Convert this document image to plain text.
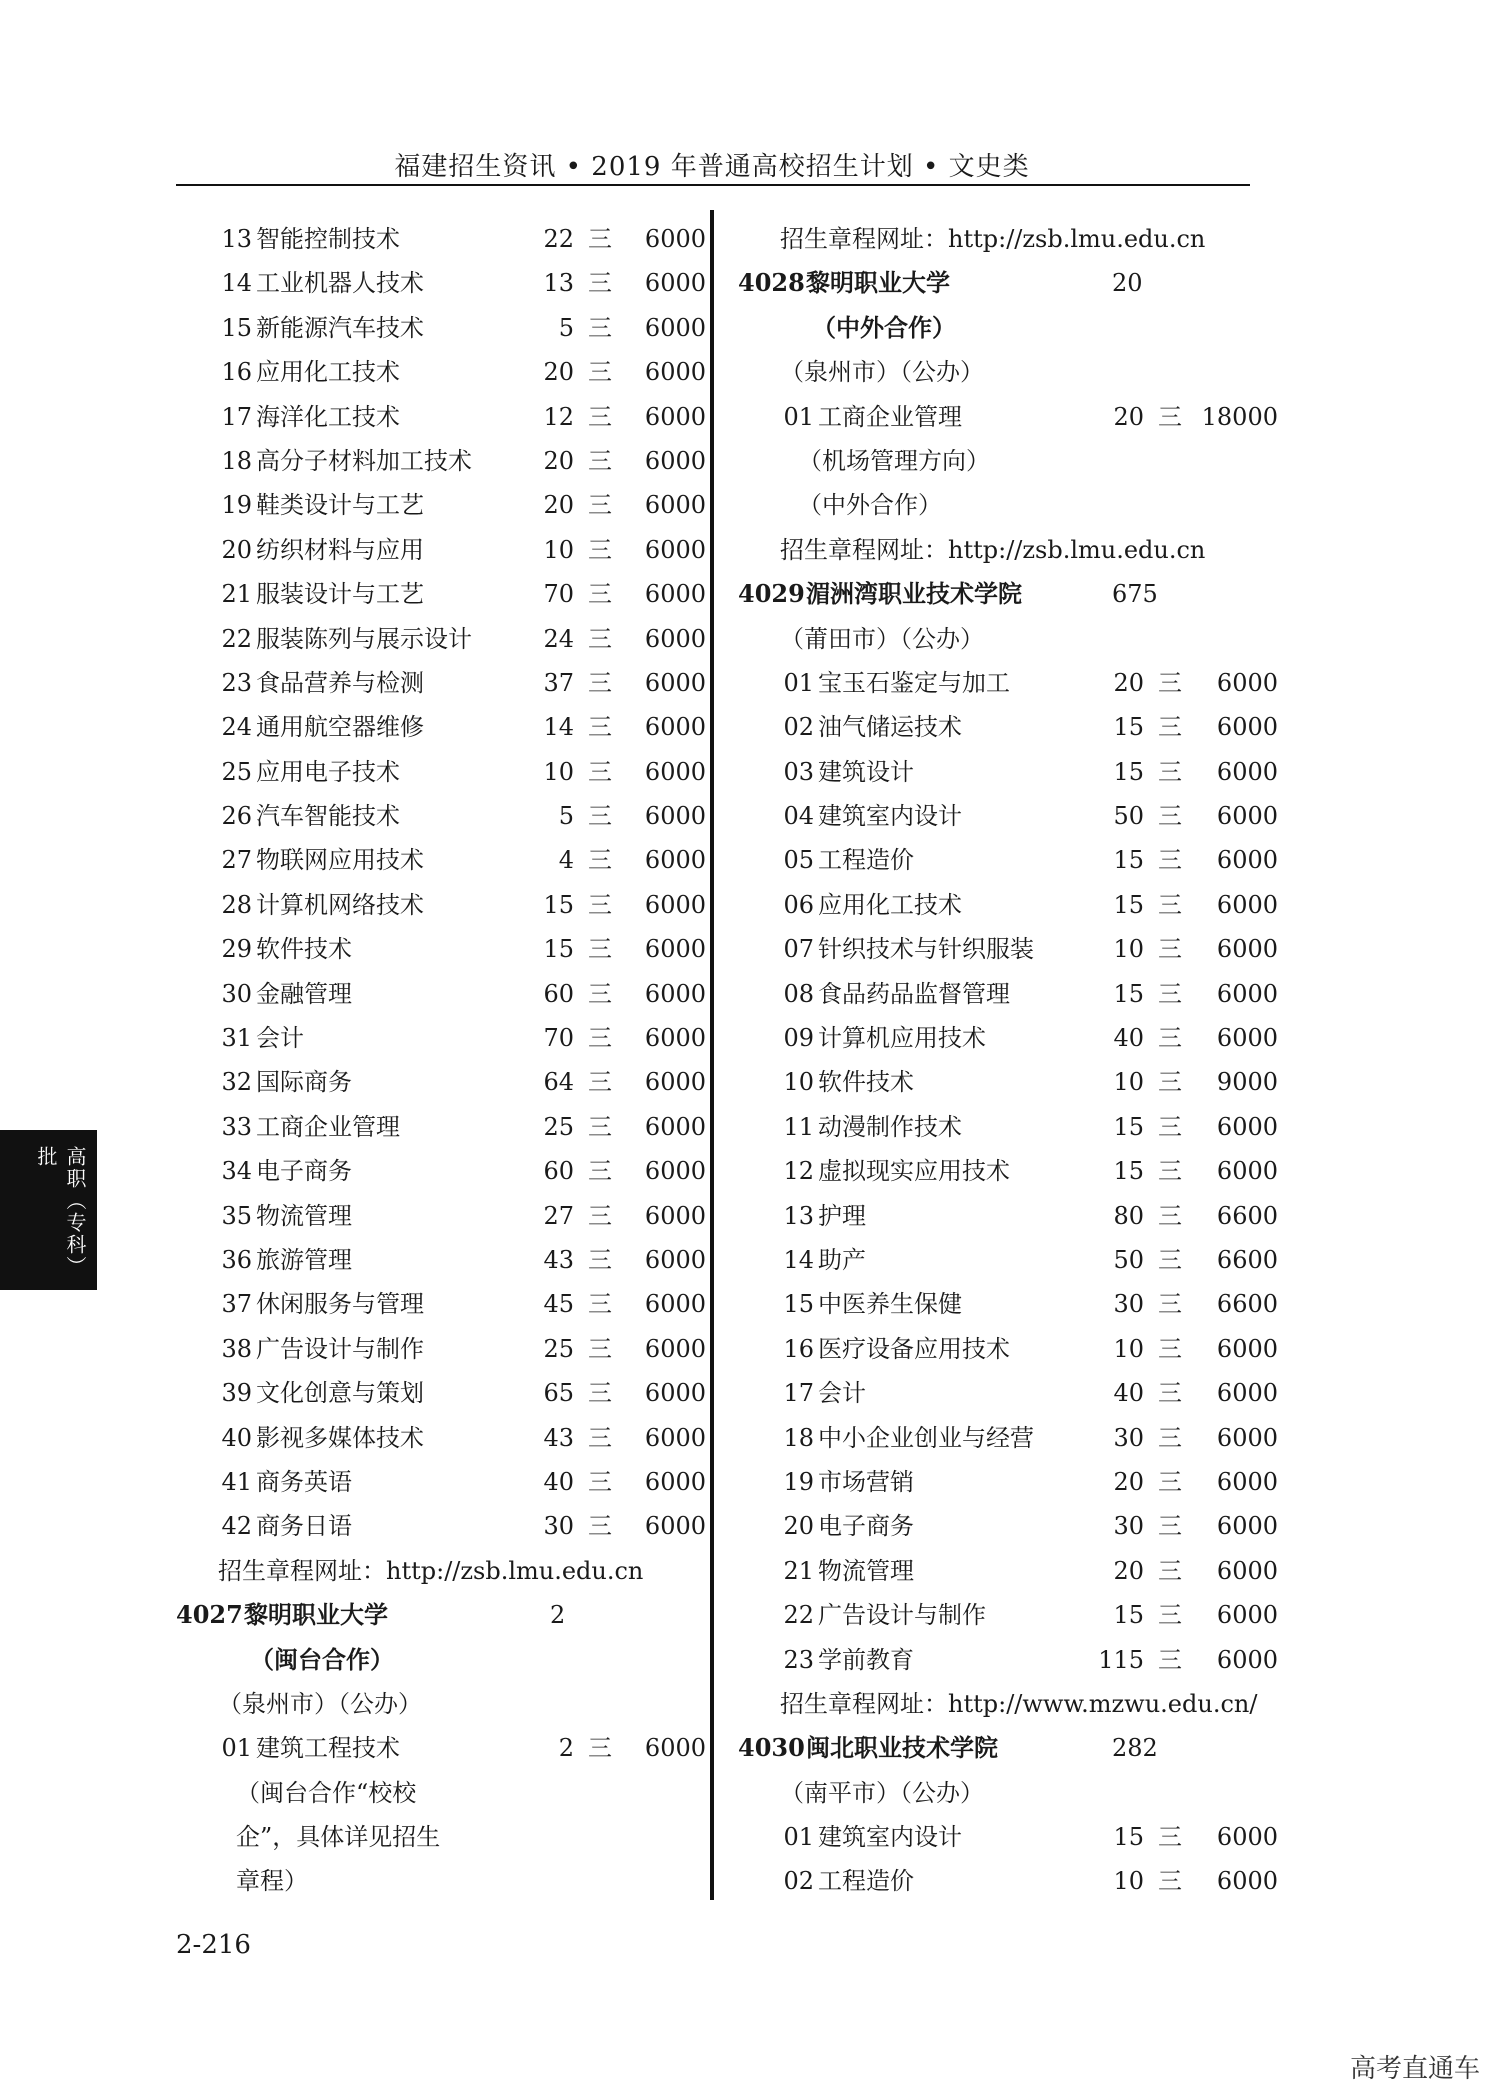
福建招生资讯 • 2019 年普通高校招生计划 • 文史类
高职（专科）批
13 智能控制技术	22 三	6000
14 工业机器人技术	13 三	6000
15 新能源汽车技术	5 三	6000
16 应用化工技术	20 三	6000
17 海洋化工技术	12 三	6000
18 高分子材料加工技术	20 三	6000
19 鞋类设计与工艺	20 三	6000
20 纺织材料与应用	10 三	6000
21 服装设计与工艺	70 三	6000
22 服装陈列与展示设计	24 三	6000
23 食品营养与检测	37 三	6000
24 通用航空器维修	14 三	6000
25 应用电子技术	10 三	6000
26 汽车智能技术	5 三	6000
27 物联网应用技术	4 三	6000
28 计算机网络技术	15 三	6000
29 软件技术	15 三	6000
30 金融管理	60 三	6000
31 会计	70 三	6000
32 国际商务	64 三	6000
33 工商企业管理	25 三	6000
34 电子商务	60 三	6000
35 物流管理	27 三	6000
36 旅游管理	43 三	6000
37 休闲服务与管理	45 三	6000
38 广告设计与制作	25 三	6000
39 文化创意与策划	65 三	6000
40 影视多媒体技术	43 三	6000
41 商务英语	40 三	6000
42 商务日语	30 三	6000
招生章程网址：http://zsb.lmu.edu.cn
4027 黎明职业大学	2
（闽台合作）
（泉州市）（公办）
01 建筑工程技术	2 三	6000
（闽台合作“校校
企”，具体详见招生
章程）
招生章程网址：http://zsb.lmu.edu.cn
4028 黎明职业大学	20
（中外合作）
（泉州市）（公办）
01 工商企业管理	20 三 18000
（机场管理方向）
（中外合作）
招生章程网址：http://zsb.lmu.edu.cn
4029 湄洲湾职业技术学院	675
（莆田市）（公办）
01 宝玉石鉴定与加工	20 三	6000
02 油气储运技术	15 三	6000
03 建筑设计	15 三	6000
04 建筑室内设计	50 三	6000
05 工程造价	15 三	6000
06 应用化工技术	15 三	6000
07 针织技术与针织服装	10 三	6000
08 食品药品监督管理	15 三	6000
09 计算机应用技术	40 三	6000
10 软件技术	10 三	9000
11 动漫制作技术	15 三	6000
12 虚拟现实应用技术	15 三	6000
13 护理	80 三	6600
14 助产	50 三	6600
15 中医养生保健	30 三	6600
16 医疗设备应用技术	10 三	6000
17 会计	40 三	6000
18 中小企业创业与经营	30 三	6000
19 市场营销	20 三	6000
20 电子商务	30 三	6000
21 物流管理	20 三	6000
22 广告设计与制作	15 三	6000
23 学前教育	115 三	6000
招生章程网址：http://www.mzwu.edu.cn/
4030 闽北职业技术学院	282
（南平市）（公办）
01 建筑室内设计	15 三	6000
02 工程造价	10 三	6000
2-216
高考直通车
